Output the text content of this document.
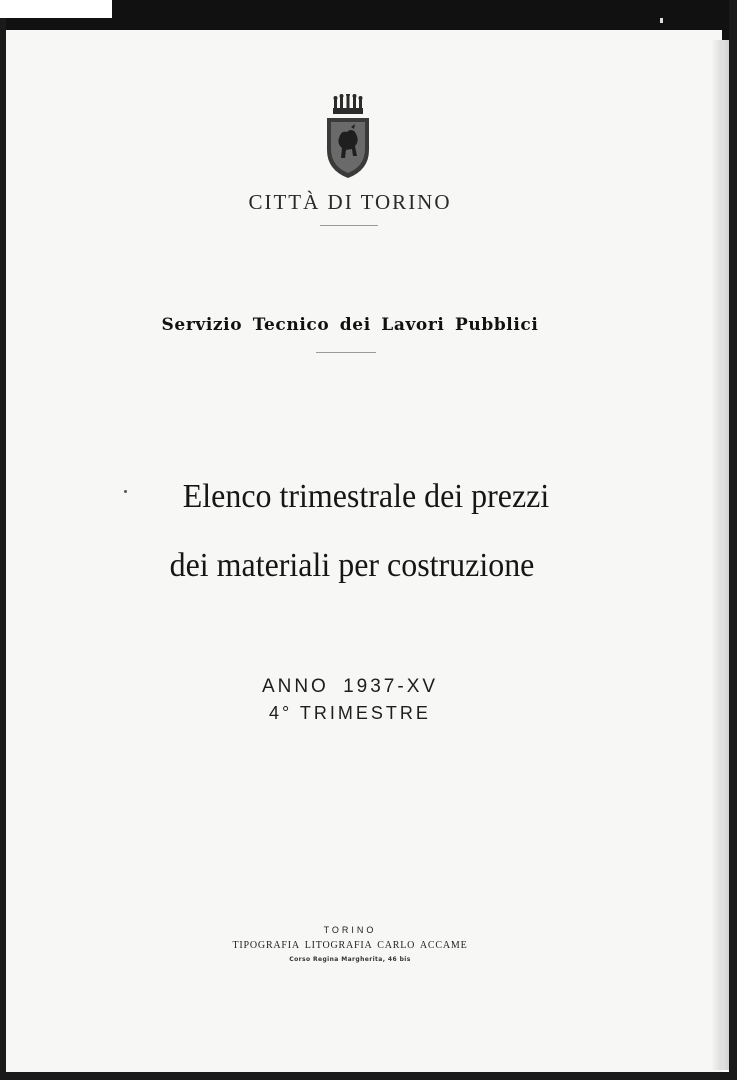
CITTÀ DI TORINO
Servizio Tecnico dei Lavori Pubblici
Elenco trimestrale dei prezzi
dei materiali per costruzione
ANNO 1937-XV
4° TRIMESTRE
TORINO
TIPOGRAFIA LITOGRAFIA CARLO ACCAME
Corso Regina Margherita, 46 bis
